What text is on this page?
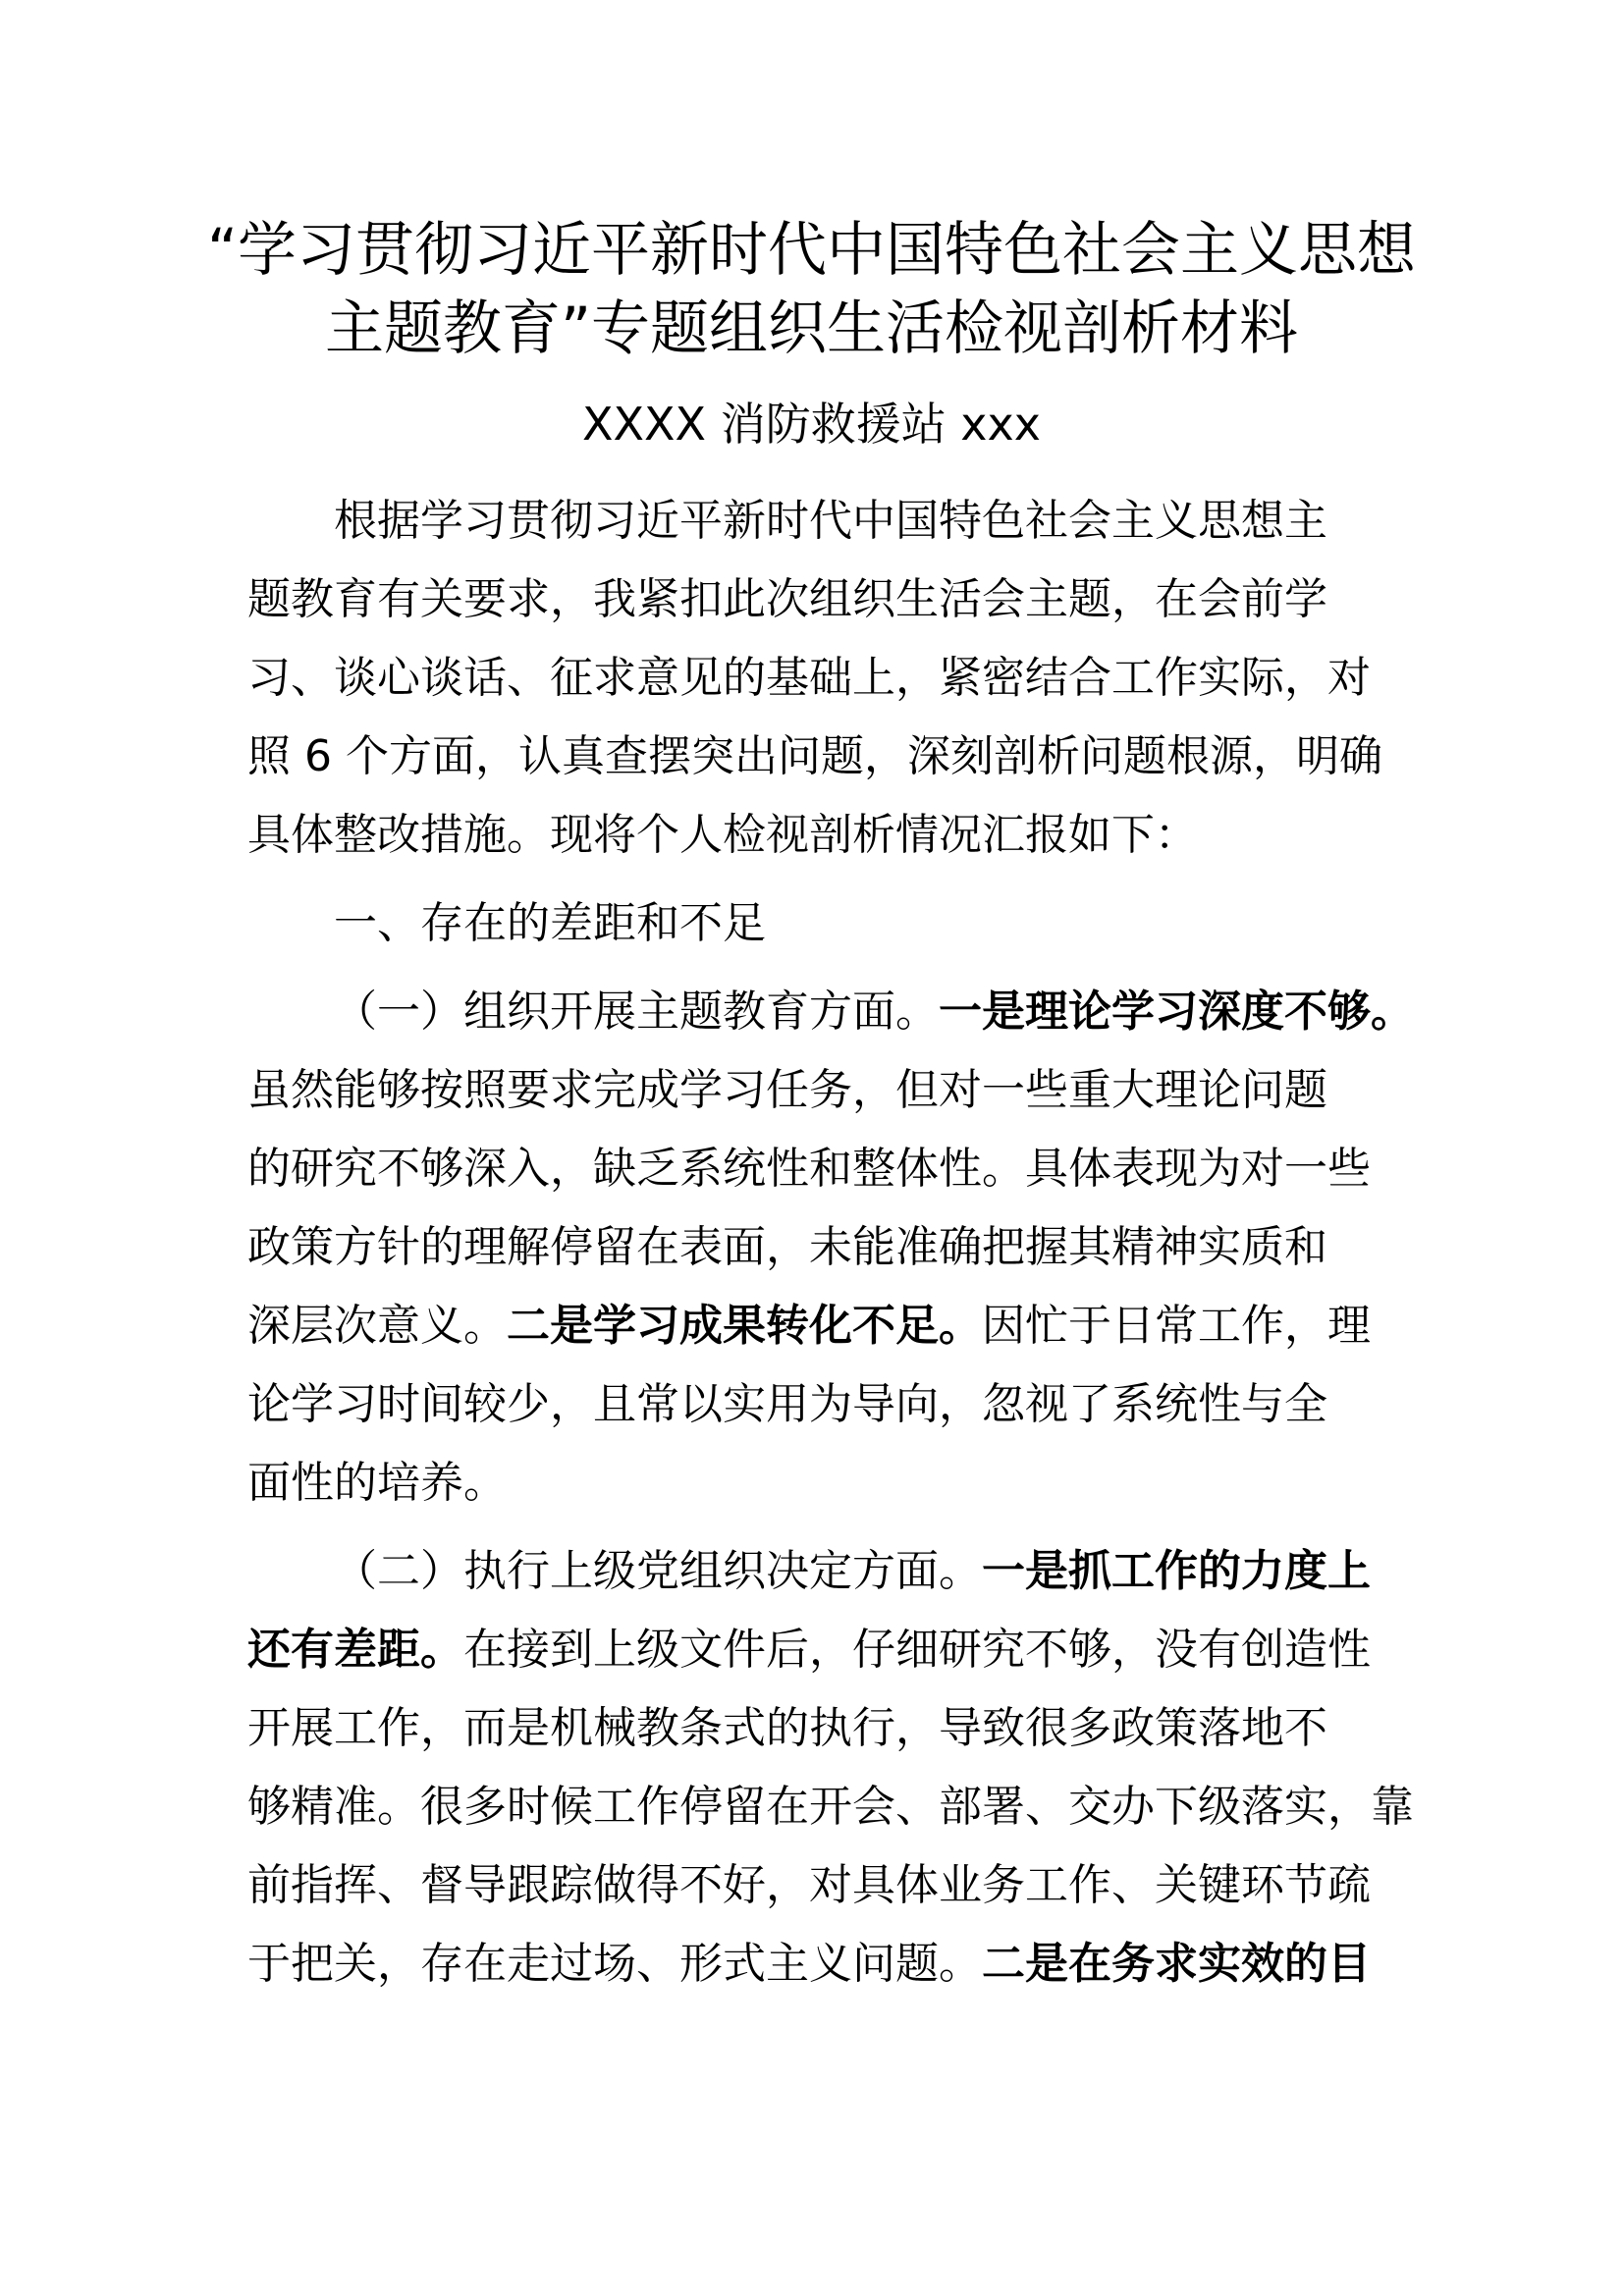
“学习贯彻习近平新时代中国特色社会主义思想
主题教育”专题组织生活检视剖析材料
XXXX 消防救援站 xxx
根据学习贯彻习近平新时代中国特色社会主义思想主
题教育有关要求，我紧扣此次组织生活会主题，在会前学
习、谈心谈话、征求意见的基础上，紧密结合工作实际，对
照 6 个方面，认真查摆突出问题，深刻剖析问题根源，明确
具体整改措施。现将个人检视剖析情况汇报如下：
一、存在的差距和不足
（一）组织开展主题教育方面。一是理论学习深度不够。
虽然能够按照要求完成学习任务，但对一些重大理论问题
的研究不够深入，缺乏系统性和整体性。具体表现为对一些
政策方针的理解停留在表面，未能准确把握其精神实质和
深层次意义。二是学习成果转化不足。因忙于日常工作，理
论学习时间较少，且常以实用为导向，忽视了系统性与全
面性的培养。
（二）执行上级党组织决定方面。一是抓工作的力度上
还有差距。在接到上级文件后，仔细研究不够，没有创造性
开展工作，而是机械教条式的执行，导致很多政策落地不
够精准。很多时候工作停留在开会、部署、交办下级落实，靠
前指挥、督导跟踪做得不好，对具体业务工作、关键环节疏
于把关，存在走过场、形式主义问题。二是在务求实效的目
